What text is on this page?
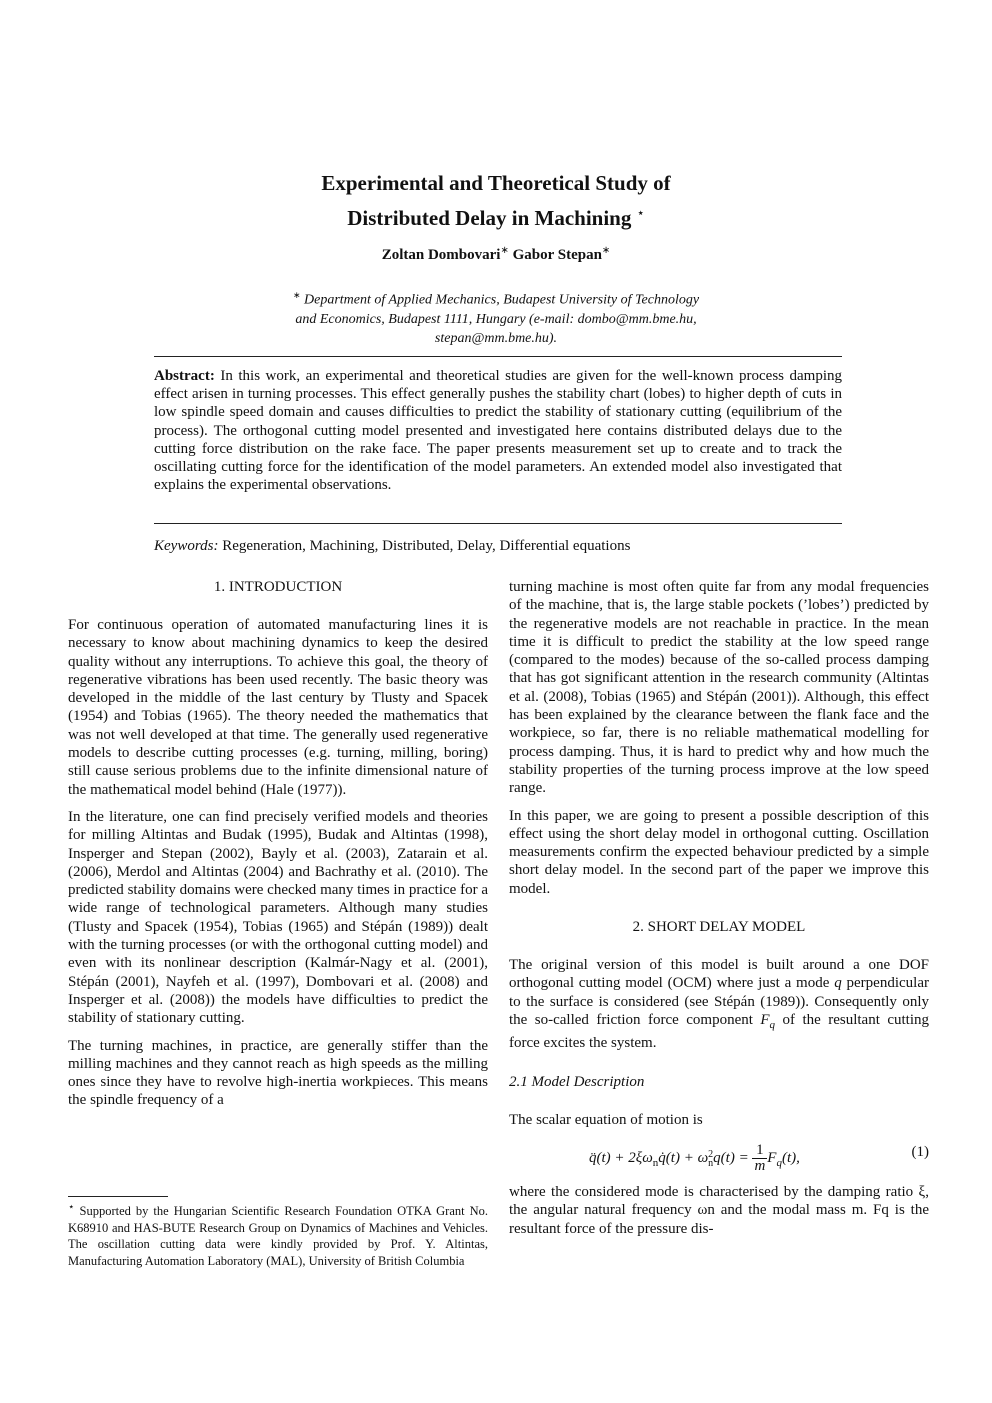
Experimental and Theoretical Study of
Distributed Delay in Machining ⋆
Zoltan Dombovari∗ Gabor Stepan∗
∗ Department of Applied Mechanics, Budapest University of Technology
and Economics, Budapest 1111, Hungary (e-mail: dombo@mm.bme.hu,
stepan@mm.bme.hu).
Abstract: In this work, an experimental and theoretical studies are given for the well-known process damping effect arisen in turning processes. This effect generally pushes the stability chart (lobes) to higher depth of cuts in low spindle speed domain and causes difficulties to predict the stability of stationary cutting (equilibrium of the process). The orthogonal cutting model presented and investigated here contains distributed delays due to the cutting force distribution on the rake face. The paper presents measurement set up to create and to track the oscillating cutting force for the identification of the model parameters. An extended model also investigated that explains the experimental observations.
Keywords: Regeneration, Machining, Distributed, Delay, Differential equations
1. INTRODUCTION

For continuous operation of automated manufacturing lines it is necessary to know about machining dynamics to keep the desired quality without any interruptions. To achieve this goal, the theory of regenerative vibrations has been used recently. The basic theory was developed in the middle of the last century by Tlusty and Spacek (1954) and Tobias (1965). The theory needed the mathematics that was not well developed at that time. The generally used regenerative models to describe cutting processes (e.g. turning, milling, boring) still cause serious problems due to the infinite dimensional nature of the mathematical model behind (Hale (1977)).

In the literature, one can find precisely verified models and theories for milling Altintas and Budak (1995), Budak and Altintas (1998), Insperger and Stepan (2002), Bayly et al. (2003), Zatarain et al. (2006), Merdol and Altintas (2004) and Bachrathy et al. (2010). The predicted stability domains were checked many times in practice for a wide range of technological parameters. Although many studies (Tlusty and Spacek (1954), Tobias (1965) and Stépán (1989)) dealt with the turning processes (or with the orthogonal cutting model) and even with its nonlinear description (Kalmár-Nagy et al. (2001), Stépán (2001), Nayfeh et al. (1997), Dombovari et al. (2008) and Insperger et al. (2008)) the models have difficulties to predict the stability of stationary cutting.

The turning machines, in practice, are generally stiffer than the milling machines and they cannot reach as high speeds as the milling ones since they have to revolve high-inertia workpieces. This means the spindle frequency of a

⋆ Supported by the Hungarian Scientific Research Foundation OTKA Grant No. K68910 and HAS-BUTE Research Group on Dynamics of Machines and Vehicles. The oscillation cutting data were kindly provided by Prof. Y. Altintas, Manufacturing Automation Laboratory (MAL), University of British Columbia

turning machine is most often quite far from any modal frequencies of the machine, that is, the large stable pockets (’lobes’) predicted by the regenerative models are not reachable in practice. In the mean time it is difficult to predict the stability at the low speed range (compared to the modes) because of the so-called process damping that has got significant attention in the research community (Altintas et al. (2008), Tobias (1965) and Stépán (2001)). Although, this effect has been explained by the clearance between the flank face and the workpiece, so far, there is no reliable mathematical modelling for process damping. Thus, it is hard to predict why and how much the stability properties of the turning process improve at the low speed range.

In this paper, we are going to present a possible description of this effect using the short delay model in orthogonal cutting. Oscillation measurements confirm the expected behaviour predicted by a simple short delay model. In the second part of the paper we improve this model.

2. SHORT DELAY MODEL

The original version of this model is built around a one DOF orthogonal cutting model (OCM) where just a mode q perpendicular to the surface is considered (see Stépán (1989)). Consequently only the so-called friction force component $F_q$ of the resultant cutting force excites the system.

2.1 Model Description

The scalar equation of motion is

q̈(t) + $2\xi\omega_nq̇(t) + \omega$ 2
n $q(t) = \frac{1}{m} F_q(t)$,	(1)

where the considered mode is characterised by the damping ratio ξ, the angular natural frequency ωn and the modal mass m. Fq is the resultant force of the pressure dis-
